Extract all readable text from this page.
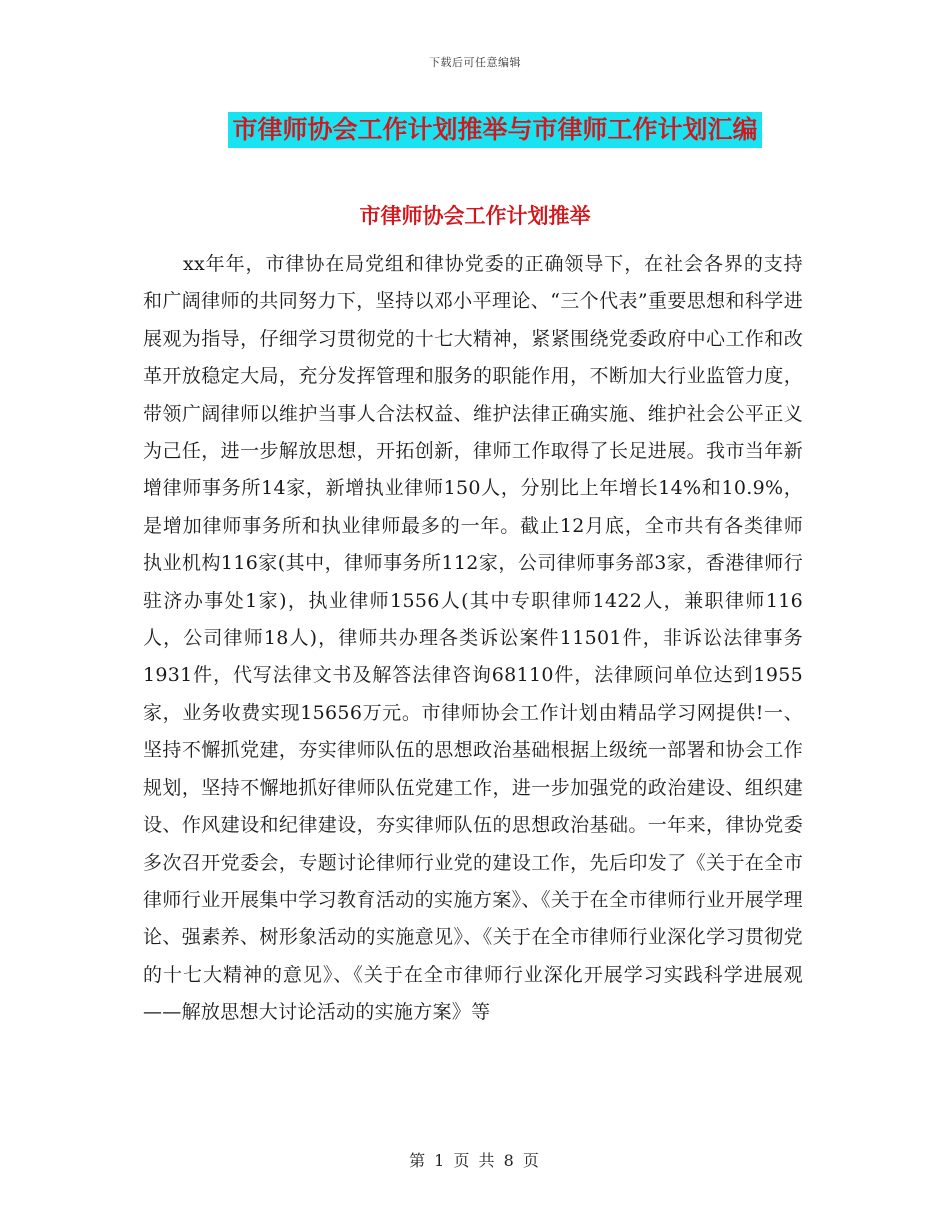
下载后可任意编辑
市律师协会工作计划推举与市律师工作计划汇编
市律师协会工作计划推举

xx年年，市律协在局党组和律协党委的正确领导下，在社会各界的支持和广阔律师的共同努力下，坚持以邓小平理论、“三个代表”重要思想和科学进展观为指导，仔细学习贯彻党的十七大精神，紧紧围绕党委政府中心工作和改革开放稳定大局，充分发挥管理和服务的职能作用，不断加大行业监管力度，带领广阔律师以维护当事人合法权益、维护法律正确实施、维护社会公平正义为己任，进一步解放思想，开拓创新，律师工作取得了长足进展。我市当年新增律师事务所14家，新增执业律师150人，分别比上年增长14%和10.9%，是增加律师事务所和执业律师最多的一年。截止12月底，全市共有各类律师执业机构116家(其中，律师事务所112家，公司律师事务部3家，香港律师行驻济办事处1家)，执业律师1556人(其中专职律师1422人，兼职律师116人，公司律师18人)，律师共办理各类诉讼案件11501件，非诉讼法律事务1931件，代写法律文书及解答法律咨询68110件，法律顾问单位达到1955家，业务收费实现15656万元。市律师协会工作计划由精品学习网提供!一、坚持不懈抓党建，夯实律师队伍的思想政治基础根据上级统一部署和协会工作规划，坚持不懈地抓好律师队伍党建工作，进一步加强党的政治建设、组织建设、作风建设和纪律建设，夯实律师队伍的思想政治基础。一年来，律协党委多次召开党委会，专题讨论律师行业党的建设工作，先后印发了《关于在全市律师行业开展集中学习教育活动的实施方案》、《关于在全市律师行业开展学理论、强素养、树形象活动的实施意见》、《关于在全市律师行业深化学习贯彻党的十七大精神的意见》、《关于在全市律师行业深化开展学习实践科学进展观——解放思想大讨论活动的实施方案》等

第 1 页 共 8 页
